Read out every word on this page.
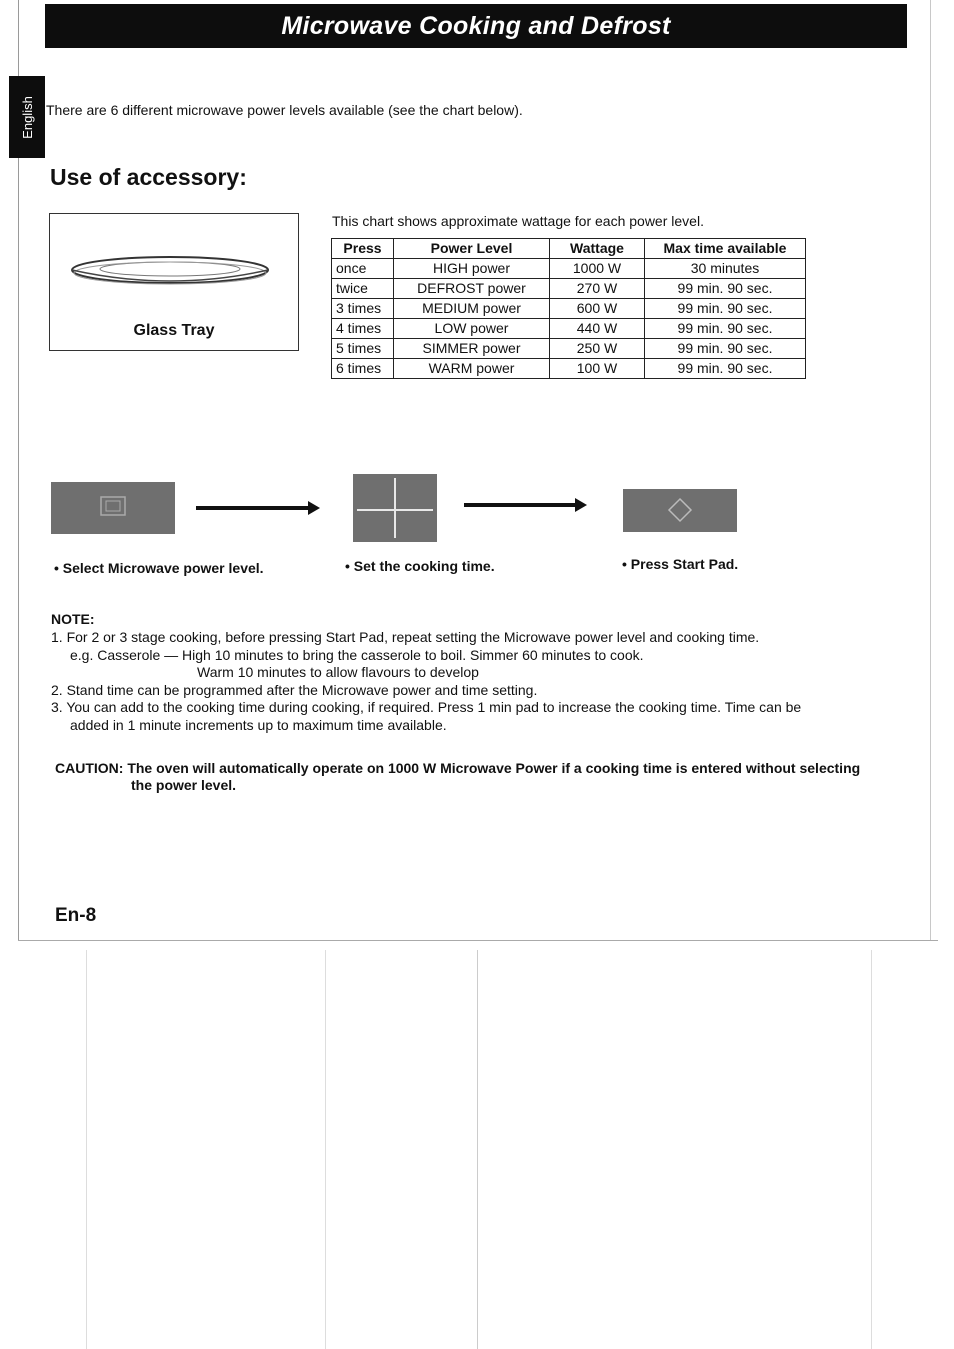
Microwave Cooking and Defrost
English There are 6 different microwave power levels available (see the chart below).
Use of accessory:
Glass Tray
This chart shows approximate wattage for each power level.
Press	Power Level	Wattage	Max time available
once	HIGH power	1000 W	30 minutes
twice	DEFROST power	270 W	99 min. 90 sec.
3 times	MEDIUM power	600 W	99 min. 90 sec.
4 times	LOW power	440 W	99 min. 90 sec.
5 times	SIMMER power	250 W	99 min. 90 sec.
6 times	WARM power	100 W	99 min. 90 sec.
• Select Microwave power level.	• Set the cooking time.	• Press Start Pad.
NOTE:
1. For 2 or 3 stage cooking, before pressing Start Pad, repeat setting the Microwave power level and cooking time.
e.g. Casserole — High 10 minutes to bring the casserole to boil. Simmer 60 minutes to cook.
Warm 10 minutes to allow flavours to develop
2. Stand time can be programmed after the Microwave power and time setting.
3. You can add to the cooking time during cooking, if required. Press 1 min pad to increase the cooking time. Time can be
added in 1 minute increments up to maximum time available.
CAUTION: The oven will automatically operate on 1000 W Microwave Power if a cooking time is entered without selecting
the power level.
En-8
